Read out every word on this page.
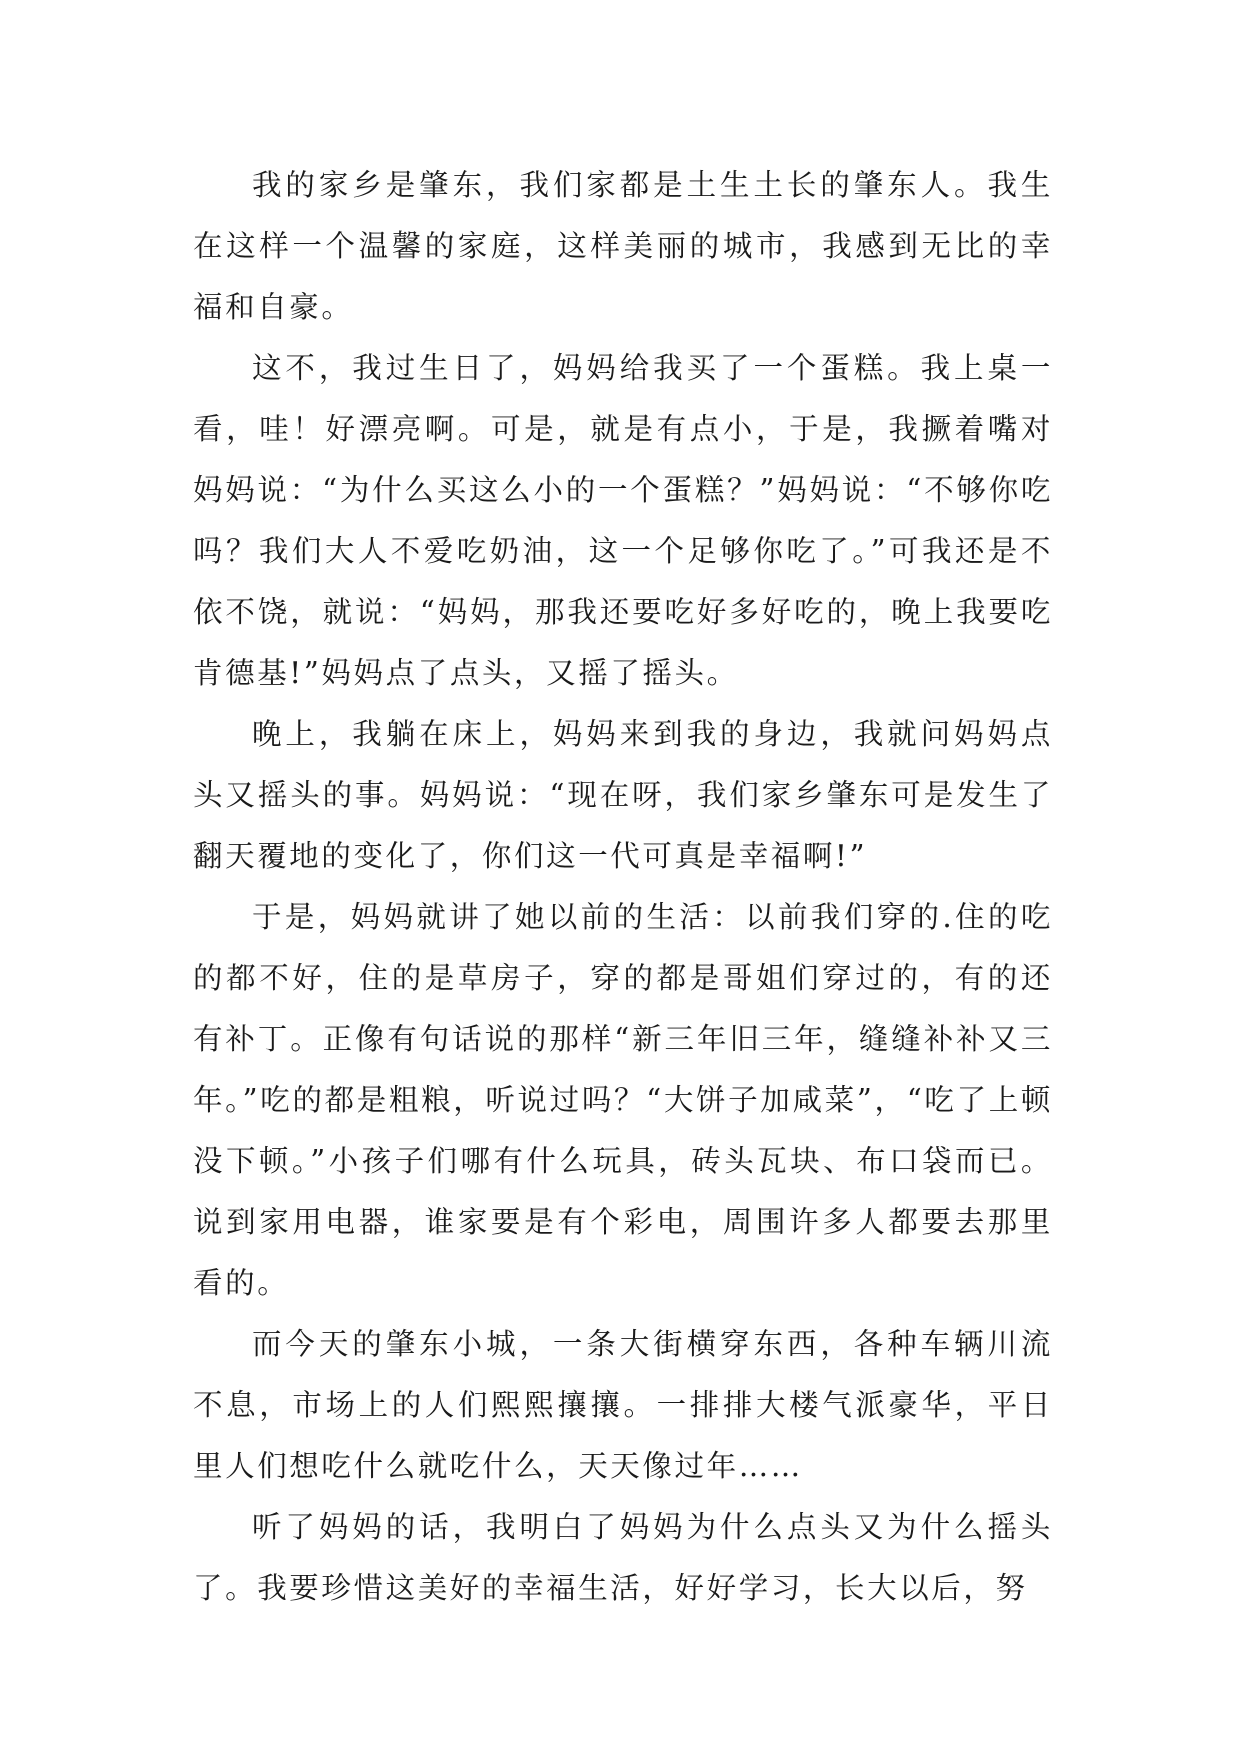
我的家乡是肇东，我们家都是土生土长的肇东人。我生在这样一个温馨的家庭，这样美丽的城市，我感到无比的幸福和自豪。

这不，我过生日了，妈妈给我买了一个蛋糕。我上桌一看，哇！好漂亮啊。可是，就是有点小，于是，我撅着嘴对妈妈说：“为什么买这么小的一个蛋糕？”妈妈说：“不够你吃吗？我们大人不爱吃奶油，这一个足够你吃了。”可我还是不依不饶，就说：“妈妈，那我还要吃好多好吃的，晚上我要吃肯德基!”妈妈点了点头，又摇了摇头。

晚上，我躺在床上，妈妈来到我的身边，我就问妈妈点头又摇头的事。妈妈说：“现在呀，我们家乡肇东可是发生了翻天覆地的变化了，你们这一代可真是幸福啊!”

于是，妈妈就讲了她以前的生活：以前我们穿的.住的吃的都不好，住的是草房子，穿的都是哥姐们穿过的，有的还有补丁。正像有句话说的那样“新三年旧三年，缝缝补补又三年。”吃的都是粗粮，听说过吗？“大饼子加咸菜”，“吃了上顿没下顿。”小孩子们哪有什么玩具，砖头瓦块、布口袋而已。说到家用电器，谁家要是有个彩电，周围许多人都要去那里看的。

而今天的肇东小城，一条大街横穿东西，各种车辆川流不息，市场上的人们熙熙攘攘。一排排大楼气派豪华，平日里人们想吃什么就吃什么，天天像过年……

听了妈妈的话，我明白了妈妈为什么点头又为什么摇头了。我要珍惜这美好的幸福生活，好好学习，长大以后，努
